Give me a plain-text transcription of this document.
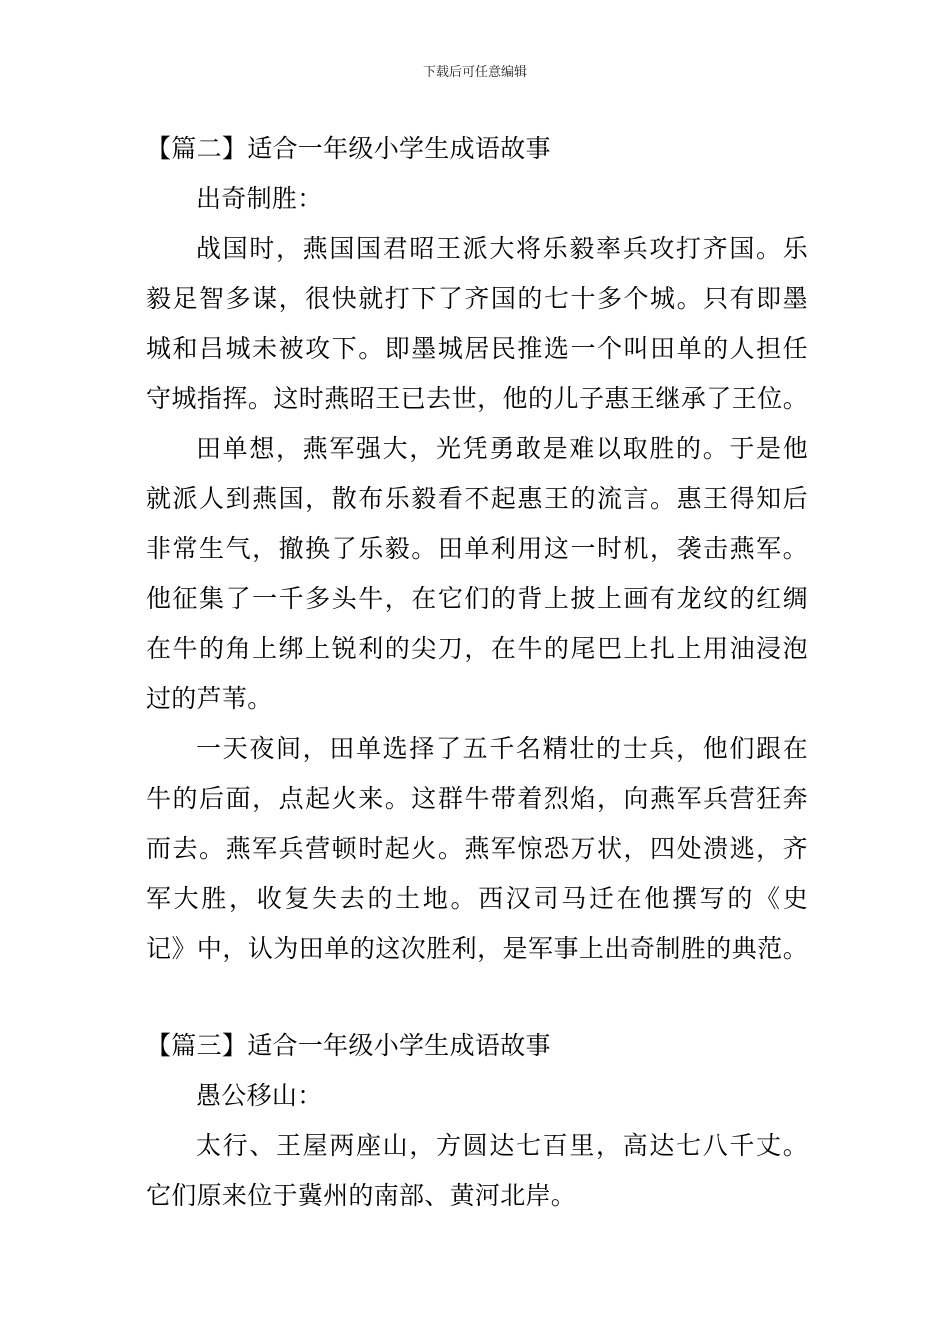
下载后可任意编辑
【篇二】适合一年级小学生成语故事
出奇制胜：
战国时，燕国国君昭王派大将乐毅率兵攻打齐国。乐
毅足智多谋，很快就打下了齐国的七十多个城。只有即墨
城和吕城未被攻下。即墨城居民推选一个叫田单的人担任
守城指挥。这时燕昭王已去世，他的儿子惠王继承了王位。
田单想，燕军强大，光凭勇敢是难以取胜的。于是他
就派人到燕国，散布乐毅看不起惠王的流言。惠王得知后
非常生气，撤换了乐毅。田单利用这一时机，袭击燕军。
他征集了一千多头牛，在它们的背上披上画有龙纹的红绸
在牛的角上绑上锐利的尖刀，在牛的尾巴上扎上用油浸泡
过的芦苇。
一天夜间，田单选择了五千名精壮的士兵，他们跟在
牛的后面，点起火来。这群牛带着烈焰，向燕军兵营狂奔
而去。燕军兵营顿时起火。燕军惊恐万状，四处溃逃，齐
军大胜，收复失去的土地。西汉司马迁在他撰写的《史
记》中，认为田单的这次胜利，是军事上出奇制胜的典范。
【篇三】适合一年级小学生成语故事
愚公移山：
太行、王屋两座山，方圆达七百里，高达七八千丈。
它们原来位于冀州的南部、黄河北岸。
